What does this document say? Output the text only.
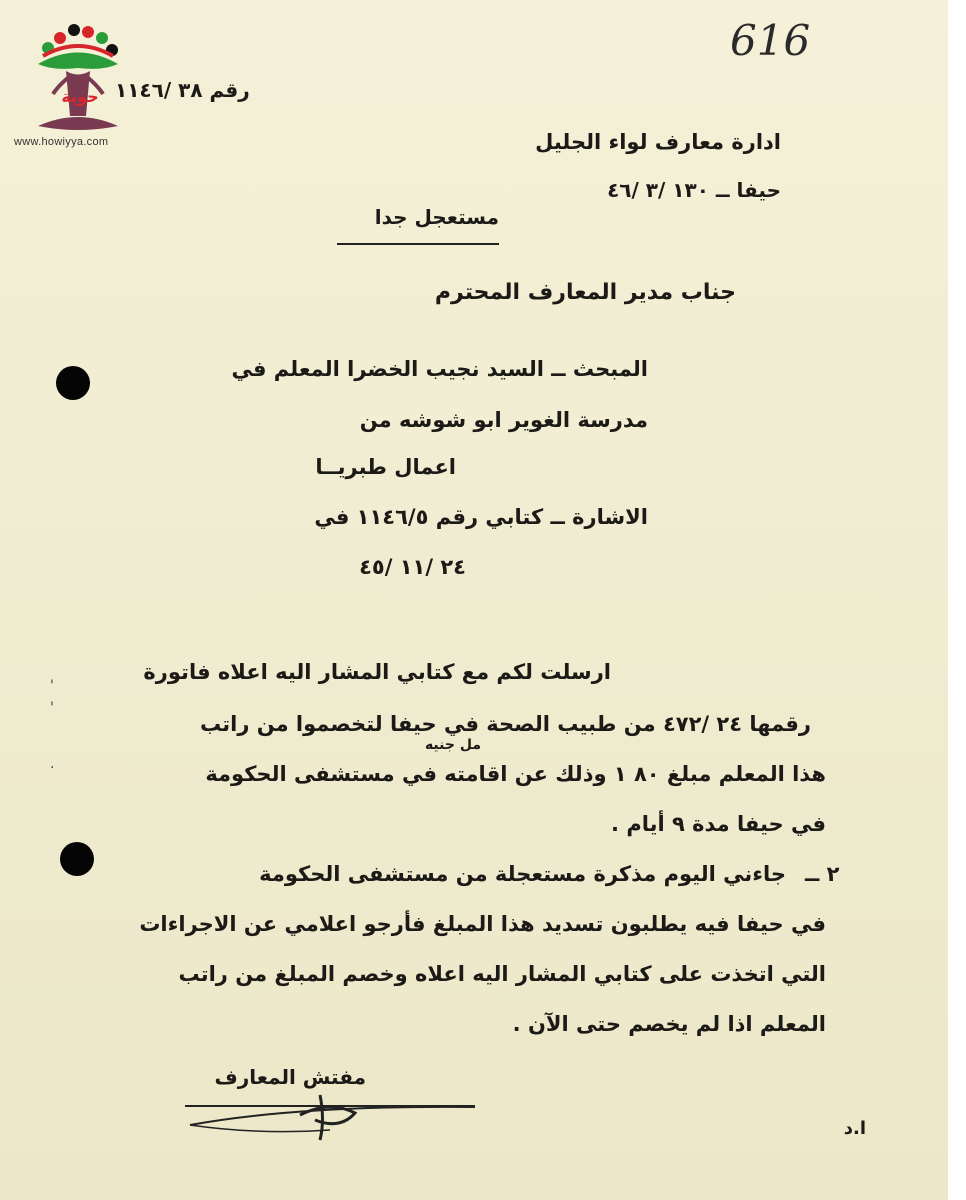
حوية
www.howiyya.com
616
رقم ٣٨ /١١٤٦
ادارة معارف لواء الجليل
حيفا ــ ١٣٠ /٣ /٤٦
مستعجل جدا
جناب مدير المعارف المحترم
المبحث ــ السيد نجيب الخضرا المعلم في
مدرسة الغوير ابو شوشه من
اعمال طبريــا
الاشارة ــ كتابي رقم ١١٤٦/٥ في
٢٤ /١١ /٤٥
ارسلت لكم مع كتابي المشار اليه اعلاه فاتورة
رقمها ٢٤ /٤٧٢ من طبيب الصحة في حيفا لتخصموا من راتب
مل جنيه
هذا المعلم مبلغ ٨٠ ١ وذلك عن اقامته في مستشفى الحكومة
في حيفا مدة ٩ أيام .
جاءني اليوم مذكرة مستعجلة من مستشفى الحكومة ٢ ــ
في حيفا فيه يطلبون تسديد هذا المبلغ فأرجو اعلامي عن الاجراءات
التي اتخذت على كتابي المشار اليه اعلاه وخصم المبلغ من راتب
المعلم اذا لم يخصم حتى الآن .
مفتش المعارف
ا.د
'
'
·
